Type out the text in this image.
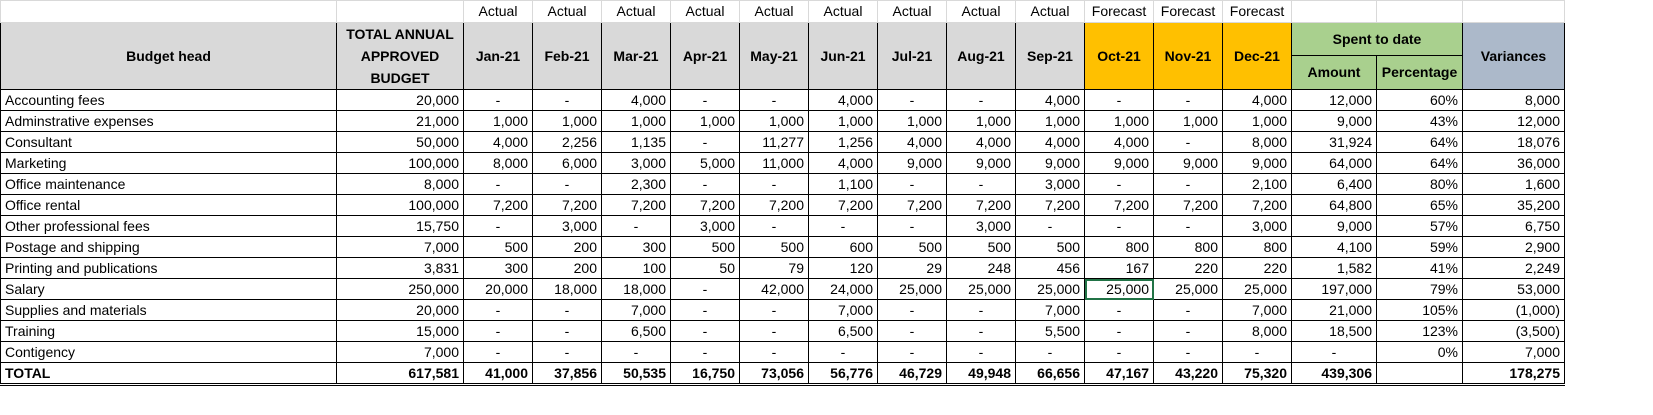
		Actual	Actual	Actual	Actual	Actual	Actual	Actual	Actual	Actual	Forecast	Forecast	Forecast			
Budget head	TOTAL ANNUAL APPROVED BUDGET	Jan-21	Feb-21	Mar-21	Apr-21	May-21	Jun-21	Jul-21	Aug-21	Sep-21	Oct-21	Nov-21	Dec-21	Spent to date		Variances
														Amount	Percentage	
Accounting fees	20,000	-	-	4,000	-	-	4,000	-	-	4,000	-	-	4,000	12,000	60%	8,000
Adminstrative expenses	21,000	1,000	1,000	1,000	1,000	1,000	1,000	1,000	1,000	1,000	1,000	1,000	1,000	9,000	43%	12,000
Consultant	50,000	4,000	2,256	1,135	-	11,277	1,256	4,000	4,000	4,000	4,000	-	8,000	31,924	64%	18,076
Marketing	100,000	8,000	6,000	3,000	5,000	11,000	4,000	9,000	9,000	9,000	9,000	9,000	9,000	64,000	64%	36,000
Office maintenance	8,000	-	-	2,300	-	-	1,100	-	-	3,000	-	-	2,100	6,400	80%	1,600
Office rental	100,000	7,200	7,200	7,200	7,200	7,200	7,200	7,200	7,200	7,200	7,200	7,200	7,200	64,800	65%	35,200
Other professional fees	15,750	-	3,000	-	3,000	-	-	-	3,000	-	-	-	3,000	9,000	57%	6,750
Postage and shipping	7,000	500	200	300	500	500	600	500	500	500	800	800	800	4,100	59%	2,900
Printing and publications	3,831	300	200	100	50	79	120	29	248	456	167	220	220	1,582	41%	2,249
Salary	250,000	20,000	18,000	18,000	-	42,000	24,000	25,000	25,000	25,000	25,000	25,000	25,000	197,000	79%	53,000
Supplies and materials	20,000	-	-	7,000	-	-	7,000	-	-	7,000	-	-	7,000	21,000	105%	(1,000)
Training	15,000	-	-	6,500	-	-	6,500	-	-	5,500	-	-	8,000	18,500	123%	(3,500)
Contigency	7,000	-	-	-	-	-	-	-	-	-	-	-	-	-	0%	7,000
TOTAL	617,581	41,000	37,856	50,535	16,750	73,056	56,776	46,729	49,948	66,656	47,167	43,220	75,320	439,306		178,275
